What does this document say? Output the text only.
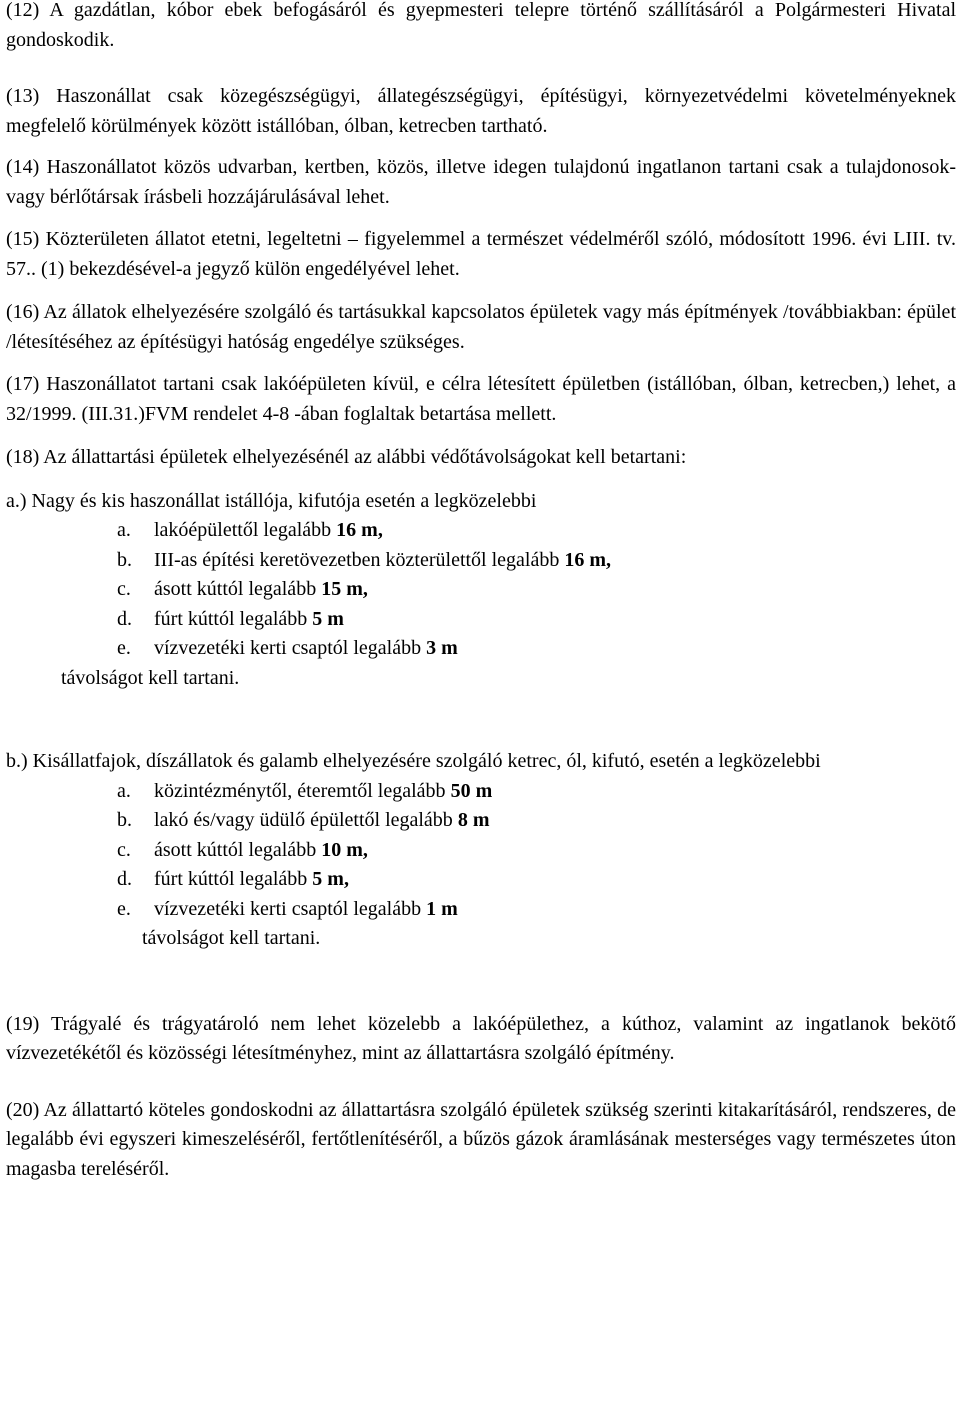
(12) A gazdátlan, kóbor ebek befogásáról és gyepmesteri telepre történő szállításáról a Polgármesteri Hivatal gondoskodik.

(13) Haszonállat csak közegészségügyi, állategészségügyi, építésügyi, környezetvédelmi követelményeknek megfelelő körülmények között istállóban, ólban, ketrecben tartható.

(14) Haszonállatot közös udvarban, kertben, közös, illetve idegen tulajdonú ingatlanon tartani csak a tulajdonosok- vagy bérlőtársak írásbeli hozzájárulásával lehet.

(15) Közterületen állatot etetni, legeltetni – figyelemmel a természet védelméről szóló, módosított 1996. évi LIII. tv. 57.. (1) bekezdésével-a jegyző külön engedélyével lehet.

(16) Az állatok elhelyezésére szolgáló és tartásukkal kapcsolatos épületek vagy más építmények /továbbiakban: épület /létesítéséhez az építésügyi hatóság engedélye szükséges.

(17) Haszonállatot tartani csak lakóépületen kívül, e célra létesített épületben (istállóban, ólban, ketrecben,) lehet, a 32/1999. (III.31.)FVM rendelet 4-8 -ában foglaltak betartása mellett.

(18) Az állattartási épületek elhelyezésénél az alábbi védőtávolságokat kell betartani:

a.) Nagy és kis haszonállat istállója, kifutója esetén a legközelebbi

a. lakóépülettől legalább 16 m,
b. III-as építési keretövezetben közterülettől legalább 16 m,
c. ásott kúttól legalább 15 m,
d. fúrt kúttól legalább 5 m
e. vízvezetéki kerti csaptól legalább 3 m

távolságot kell tartani.

b.) Kisállatfajok, díszállatok és galamb elhelyezésére szolgáló ketrec, ól, kifutó, esetén a legközelebbi

a. közintézménytől, éteremtől legalább 50 m
b. lakó és/vagy üdülő épülettől legalább 8 m
c. ásott kúttól legalább 10 m,
d. fúrt kúttól legalább 5 m,
e. vízvezetéki kerti csaptól legalább 1 m

távolságot kell tartani.

(19) Trágyalé és trágyatároló nem lehet közelebb a lakóépülethez, a kúthoz, valamint az ingatlanok bekötő vízvezetékétől és közösségi létesítményhez, mint az állattartásra szolgáló építmény.

(20) Az állattartó köteles gondoskodni az állattartásra szolgáló épületek szükség szerinti kitakarításáról, rendszeres, de legalább évi egyszeri kimeszeléséről, fertőtlenítéséről, a bűzös gázok áramlásának mesterséges vagy természetes úton magasba tereléséről.
